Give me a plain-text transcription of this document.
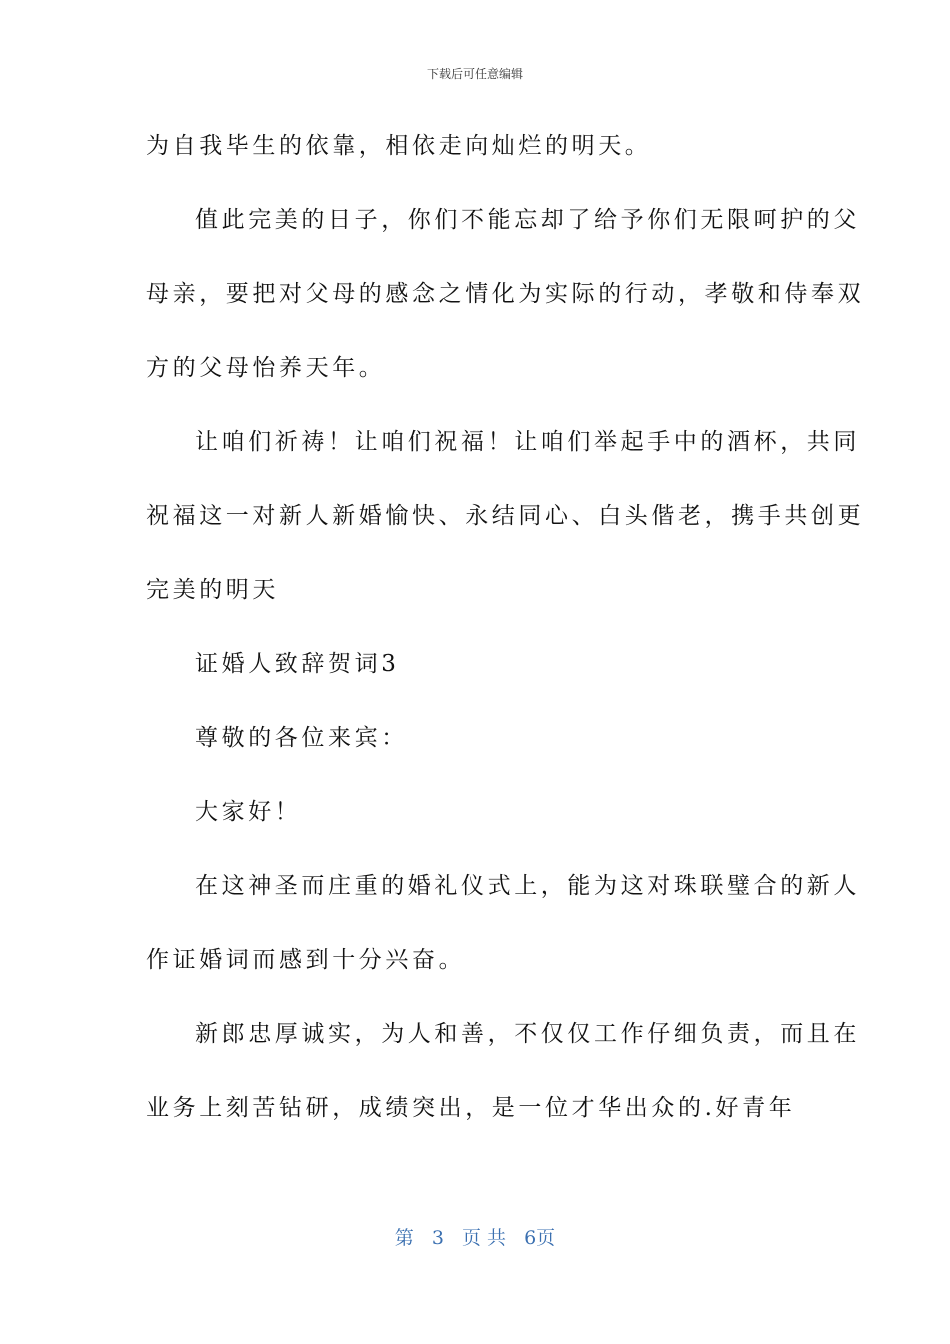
下载后可任意编辑
为自我毕生的依靠，相依走向灿烂的明天。
值此完美的日子，你们不能忘却了给予你们无限呵护的父
母亲，要把对父母的感念之情化为实际的行动，孝敬和侍奉双
方的父母怡养天年。
让咱们祈祷！让咱们祝福！让咱们举起手中的酒杯，共同
祝福这一对新人新婚愉快、永结同心、白头偕老，携手共创更
完美的明天
证婚人致辞贺词3
尊敬的各位来宾：
大家好！
在这神圣而庄重的婚礼仪式上，能为这对珠联璧合的新人
作证婚词而感到十分兴奋。
新郎忠厚诚实，为人和善，不仅仅工作仔细负责，而且在
业务上刻苦钻研，成绩突出，是一位才华出众的.好青年
第 3 页 共 6页
